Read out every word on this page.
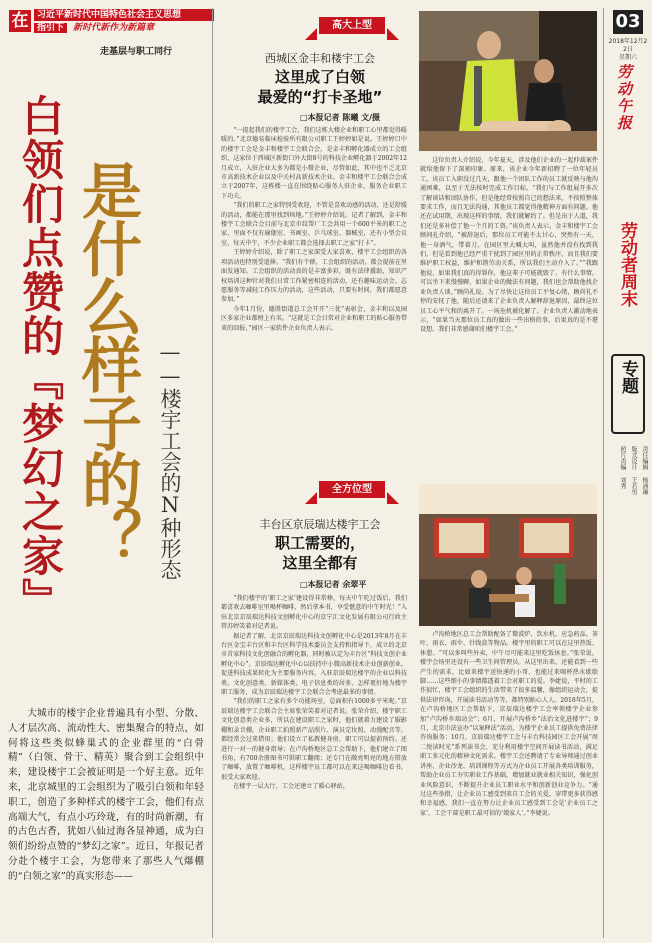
在 习近平新时代中国特色社会主义思想
指引下 新时代新作为新篇章
走基层与职工同行
白领们点赞的『梦幻之家』 是什么样子的？ ——楼宇工会的N种形态
大城市的楼宇企业普遍具有小型、分散、人才层次高、流动性大、密集聚合的特点，如何将这些类似蜂巢式的企业群里的“白骨精”（白领、骨干、精英）聚合到工会组织中来，建设楼宇工会被证明是一个好主意。近年来，北京城里的工会组织为了吸引白领和年轻职工，创造了多种样式的楼宇工会，他们有点高端大气，有点小巧玲珑，有的时尚新潮，有的古色古香，犹如八仙过海各显神通，成为白领们纷纷点赞的“梦幻之家”。近日，年报记者分赴个楼宇工会，为您带来了那些人气爆棚的“白领之家”的真实形态——
高大上型
西城区金丰和楼宇工会
这里成了白领
最爱的“打卡圣地”
□本报记者 陈曦 文/摄

“一提起我们的楼宇工会，我们这栋大楼企业和职工心里都觉得暖暖的。”北京德易临床检验所有限公司职工王婷婷如是说。王婷婷口中的楼宇工会是金丰和楼宇工会联合会，是金丰和孵化器成立的工会组织，这家位于西城区新街口外大街8号的科技企业孵化器于2002年12月成立，入驻企业大多为都是小微企业，尽管如此，其中也不乏北京市高新技术企业以及中关村高新技术企业。金丰和楼宇工会联合会成立于2007年，这栋楼一直在围绕贴心服务人驻企业、服务企业职工下功夫。

“我们的职工之家特别受欢迎，不管是喜欢动感的活动，还是舒缓的活动，都能在那里找到场地。”王婷婷介绍说。记者了解到，金丰和楼宇工会联合会目前与北京市纹帮厂工会共用一个600平米的职工之家，里面不仅有瑜伽室、书画室、乒乓球室、器械室，还有小型会议室，每天中午，不少企业职工都会选择去职工之家“打卡”。

王婷婷介绍说，除了职工之家深受大家喜欢，楼宇工会组织的各项活动也特别受追捧。“我们有个群，工会组织的活动，都会提前在里面发通知。工会组织的活动真的是丰富多彩，既有法律援助、知识产权培训这种针对我们日常工作紧密相连的活动，还有趣味运动会、志愿服务等减轻工作压力的活动，这些活动，只要有时间，我们都愿意参加。”

今年1月份，德胜街道总工会开开“三优”表彰会，金丰和以及园区多家企业都榜上有名。“这就是工会日常对企业和职工的贴心服务带来的回报，”园区一家软件企业负责人表示。

这位负责人介绍说，今年夏天，涉及他们企业的一起仲裁案件就给他留下了深刻印象。原来，该企业今年新招聘了一位年轻员工，该员工入职没过几天，跟他一个团队工作的员工就反映与他沟通困难，以至于无法按时完成工作目标。“我们与工作组展开多次了解谈话和团队协作，但是他经常按照自己的想法来，不按照整体要求工作，而且无法沟通，其他员工都觉得他精神方面有问题。他还在试用期，出现这样的事情，我们就解约了。但是出于人道，我们还是多补偿了他一个月的工资。”该负责人表示。金丰和楼宇工会顾问孔介绍，“被辞退后，那位员工可能不太甘心，突然有一天，他一身酒气，带着刀，在园区里大喊大叫，虽然他并没有找到我们，但是看到他已经严重干扰到了园区里的正常秩序，而且我们要维护职工权益，维护和谐劳动关系，所以我们主动介入了。”“我跟他说，如果我们真的得罪你，他这辈子可能就毁了。有什么事情，可以坐下来慢慢聊，如果企业的做法有问题，我们也会帮助他找企业负责人谈。”顾尚礼说。为了尽快让这位员工平复心绪，顾尚礼不停的安抚了他，随后还请来了企业负责人解释辞退原因，最终这位员工心平气和的离开了。一场危机被化解了。企业负责人激动地表示，“如果当天那位员工真的做出一些出格的事，后果真的是不堪设想。我们非常感谢咱们楼宇工会。”

全方位型
丰台区京辰瑞达楼宇工会
职工需要的，
这里全都有
□本报记者 余翠平

“我们楼宇的‘职工之家’建设得非常棒，每天中午吃过饭后，我们都喜欢去咖啡室里喝杯咖啡，然后拿本书，享受惬意的中午时光！”入驻北京京辰瑞达科技文创孵化中心的京宁汇文化发展有限公司行政主管苏婷笑着对记者说。

据记者了解，北京京辰瑞达科技文创孵化中心是2013年8月在丰台区金宝丰台区和丰台区科学技术委员会支持和指导下，成立的北京市首家科技文化创融合的孵化器，同时被认定为丰台区“科技文创企业孵化中心”。京辰瑞达孵化中心以扶持中小微高新技术企业创新创业，促进科技成果转化为主要服务内容，入驻京辰瑞达楼宇的企业以科技类、文化创意类、新媒体类、电子信息类的居多，怎样更好地为楼宇职工服务，成为京辰瑞达楼宇工会联合会考虑最多的事情。

“我们的职工之家有多个功能场室，总面积有1000多平米呢。”京辰瑞达楼宇工会联合会主席张荣笑着对记者说。张荣介绍，楼宇职工文化创意类企业多，所以在建设职工之家时，他们就着力建设了服影棚和录音棚，企业职工拍照新产品照片、演员定妆照、动漫配音等，都经常会过来借用；他们设立了私教健身房，职工可以提前预约。还进行一对一的健身指导；在卢沟桥地区总工会帮助下，他们建立了图书角，有700余册图书可供职工翻阅；还专门在敞亮明亮的地方搭放了咖啡，放置了咖啡机，这样楼宇员工都可以在来这喝咖啡边看书，很受大家欢迎。

在楼宇一层大厅，工会还建立了暖心驿站，

卢沟桥地区总工会帮助配备了微波炉、饮水机、应急药品、茶叶、雨衣、雨伞、针线盒等物品。楼宇里的职工可以在这里热饭、休憩。“可以多叫些外卖，中午尽可能来这里吃饭休息。”张荣说，楼宇会场里还设有一些卫生间管理员。从这里出来，还能看到一些产生的需求，比如来楼宇送快递的小哥、也能过来喝杯热水歇歇脚……这些细小的事情都透着工会对职工的爱。李婕说，平时的工作很忙，楼宇工会组织的生活带来了很多温馨，像组织运动会，提供法律咨询，开展读书活动等等，都特别贴心人人。2018年5月，在卢沟桥地区工会帮助下，京辰瑞达楼宇工会率领楼宇企业参加“卢沟桥乡瑞动会”；6月，开展卢沟桥乡“法治文化进楼宇”；9月，北京市法宣办“以案释法”活动，为楼宇企业员工提供免费法律咨询服务；10月，京辰瑞达楼宇工会与丰台科技园区工会开展“周二悦读时光”系列读书会，充分利用楼宇空间开展读书活动，满足职工多元化的精神文化需求。楼宇工会还聘请了专业导师通过创业讲座、企业沙龙、培训课程等方式为企业员工开展各类培训服务，帮助企业员工夯实职业工作基础，增加就业就业相关知识，强化创业风险意识，不断提升企业员工职业水平和创新创业竞争力。“通过这些举措，让企业员工感受到来自工会的关爱，穿带更多获得感和幸福感，我们一直在努力让企业员工感受到工会是‘企业员工之家’，工会干部是职工最可信的‘娘家人’。”李婕说。

03
2018年12月22日
星期六
劳动午报
劳动者周末
专题
责任编辑 杨洲琳
版式设计 王若男
照片责编 刘秀
